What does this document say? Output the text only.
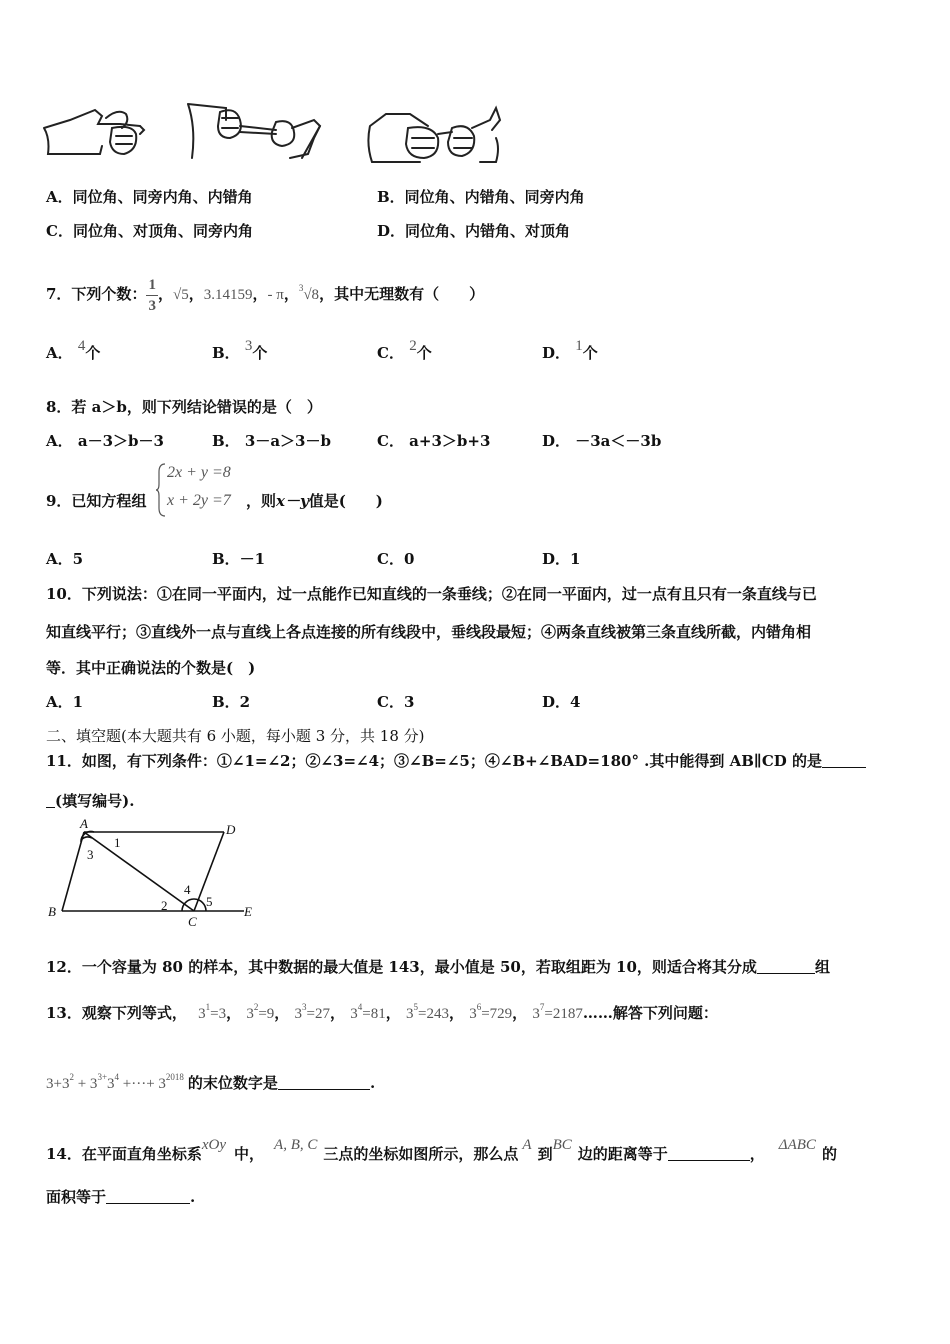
A．同位角、同旁内角、内错角	B．同位角、内错角、同旁内角
C．同位角、对顶角、同旁内角	D．同位角、内错角、对顶角
7．下列个数： $\frac{1}{3}$ ，√5，3.14159，- π，$^3$√8，其中无理数有（　　）
A． 4个	B． 3个	C． 2个	D． 1个
8．若 a＞b，则下列结论错误的是（　）
A． a－3＞b－3	B． 3－a＞3－b	C． a+3＞b+3	D． －3a＜－3b
9．已知方程组
2x + y =8
x + 2y =7 ，则x－y值是(　　)
A．5	B．－1	C．0	D．1
10．下列说法：①在同一平面内，过一点能作已知直线的一条垂线；②在同一平面内，过一点有且只有一条直线与已
知直线平行；③直线外一点与直线上各点连接的所有线段中，垂线段最短；④两条直线被第三条直线所截，内错角相
等．其中正确说法的个数是(　)
A．1	B．2	C．3	D．4
二、填空题(本大题共有 6 小题，每小题 3 分，共 18 分)
11．如图，有下列条件：①∠1=∠2；②∠3=∠4；③∠B=∠5；④∠B+∠BAD=180° .其中能得到 AB∥CD 的是
(填写编号).
A	D
B
C
E
1
3
2
4
5
12．一个容量为 80 的样本，其中数据的最大值是 143，最小值是 50，若取组距为 10，则适合将其分成	组
13．观察下列等式， $3^1=3$， $3^2=9$， $3^3=27$， $3^4=81$， $3^5=243$， $3^6=729$， $3^7=2187\dots\dots$解答下列问题：
$3+3^2 + 3^{3+}3^4$ +···+ $3^{2018}$ 的末位数字是	.
14．在平面直角坐标系xOy 中， A, B, C 三点的坐标如图所示，那么点 A 到BC 边的距离等于	， ΔABC 的
面积等于	.
